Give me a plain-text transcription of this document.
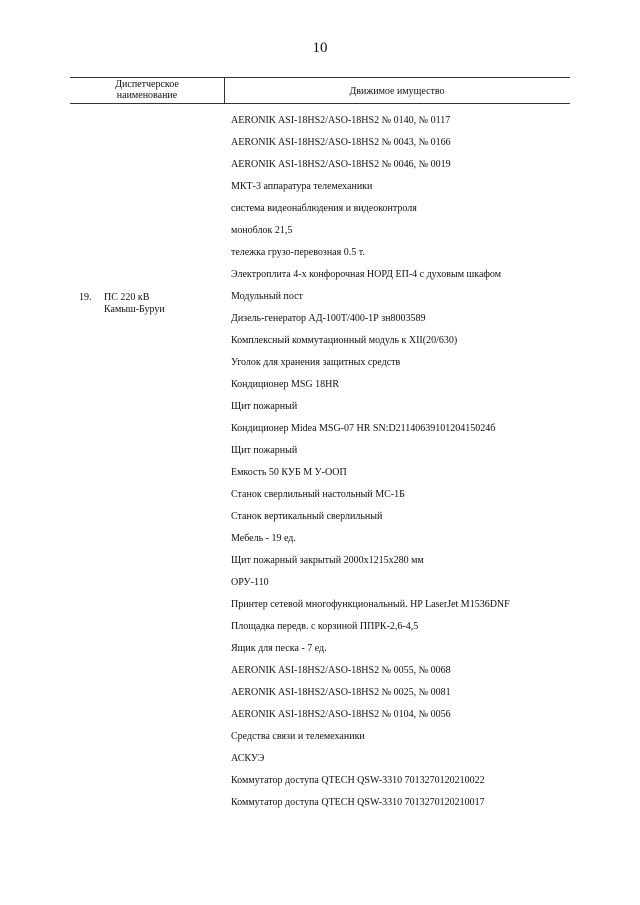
10
Диспетчерское
наименование	Движимое имущество
19. ПС 220 кВ
Камыш-Буруи
AERONIK ASI-18HS2/ASO-18HS2 № 0140, № 0117
AERONIK ASI-18HS2/ASO-18HS2 № 0043, № 0166
AERONIK ASI-18HS2/ASO-18HS2 № 0046, № 0019
МКТ-3 аппаратура телемеханики
система видеонаблюдения и видеоконтроля
моноблок 21,5
тележка грузо-перевозная 0.5 т.
Электроплита 4-х конфорочная НОРД ЕП-4 с духовым шкафом
Модульный пост
Дизель-генератор АД-100Т/400-1Р зн8003589
Комплексный коммутационный модуль к XII(20/630)
Уголок для хранения защитных средств
Кондиционер MSG 18HR
Щит пожарный
Кондиционер Midea MSG-07 HR SN:D2114063910120415024б
Щит пожарный
Емкость 50 КУБ М У-ООП
Станок сверлильный настольный МС-1Б
Станок вертикальный сверлильный
Мебель - 19 ед.
Щит пожарный закрытый 2000х1215х280 мм
ОРУ-110
Принтер сетевой многофункциональный. HP LaserJet M1536DNF
Площадка передв. с корзиной ППРК-2,6-4,5
Ящик для песка - 7 ед.
AERONIK ASI-18HS2/ASO-18HS2 № 0055, № 0068
AERONIK ASI-18HS2/ASO-18HS2 № 0025, № 0081
AERONIK ASI-18HS2/ASO-18HS2 № 0104, № 0056
Средства связи и телемеханики
АСКУЭ
Коммутатор доступа QTECH QSW-3310 7013270120210022
Коммутатор доступа QTECH QSW-3310 7013270120210017
